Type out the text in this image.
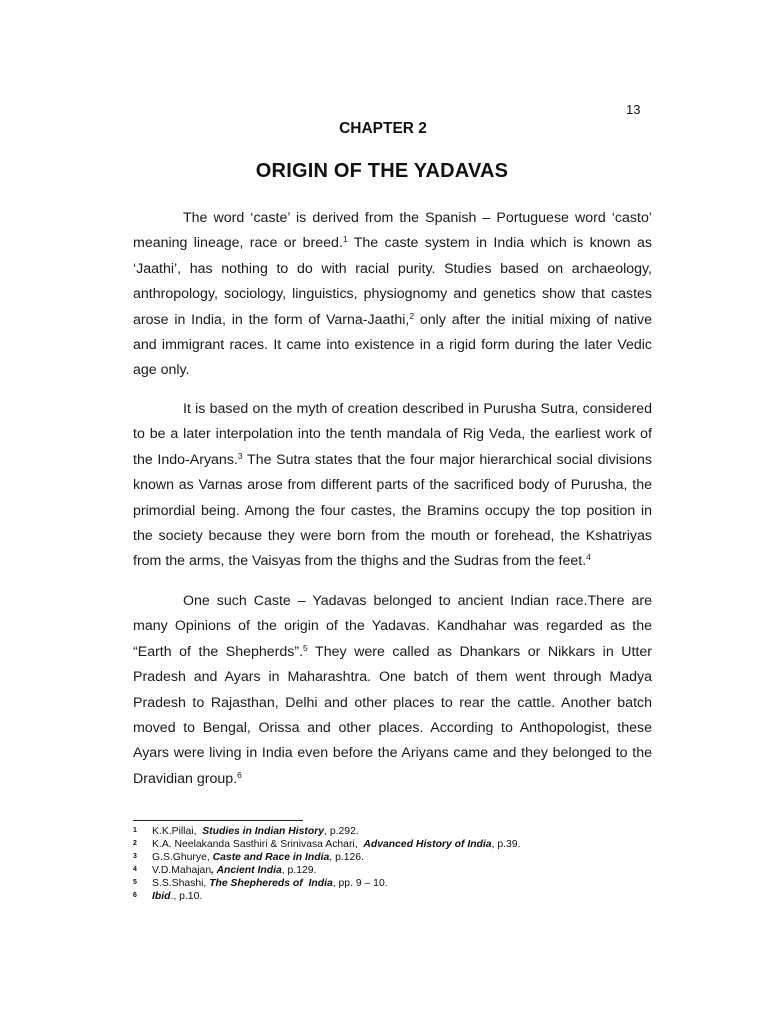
13
CHAPTER 2
ORIGIN OF THE YADAVAS
The word ‘caste’ is derived from the Spanish – Portuguese word ‘casto’
meaning lineage, race or breed.$^1$ The caste system in India which is known as
‘Jaathi’, has nothing to do with racial purity. Studies based on archaeology,
anthropology, sociology, linguistics, physiognomy and genetics show that castes
arose in India, in the form of Varna-Jaathi,$^2$ only after the initial mixing of native
and immigrant races. It came into existence in a rigid form during the later Vedic
age only.
It is based on the myth of creation described in Purusha Sutra, considered
to be a later interpolation into the tenth mandala of Rig Veda, the earliest work of
the Indo-Aryans.$^3$ The Sutra states that the four major hierarchical social divisions
known as Varnas arose from different parts of the sacrificed body of Purusha, the
primordial being. Among the four castes, the Bramins occupy the top position in
the society because they were born from the mouth or forehead, the Kshatriyas
from the arms, the Vaisyas from the thighs and the Sudras from the feet.$^4$
One such Caste – Yadavas belonged to ancient Indian race.There are
many Opinions of the origin of the Yadavas. Kandhahar was regarded as the
“Earth of the Shepherds”.$^5$ They were called as Dhankars or Nikkars in Utter
Pradesh and Ayars in Maharashtra. One batch of them went through Madya
Pradesh to Rajasthan, Delhi and other places to rear the cattle. Another batch
moved to Bengal, Orissa and other places. According to Anthopologist, these
Ayars were living in India even before the Ariyans came and they belonged to the
Dravidian group.$^6$
1 K.K.Pillai,  Studies in Indian History, p.292.
2 K.A. Neelakanda Sasthiri & Srinivasa Achari,  Advanced History of India, p.39.
3 G.S.Ghurye, Caste and Race in India, p.126.
4 V.D.Mahajan, Ancient India, p.129.
5 S.S.Shashi, The Shephereds of  India, pp. 9 – 10.
6 Ibid., p.10.
